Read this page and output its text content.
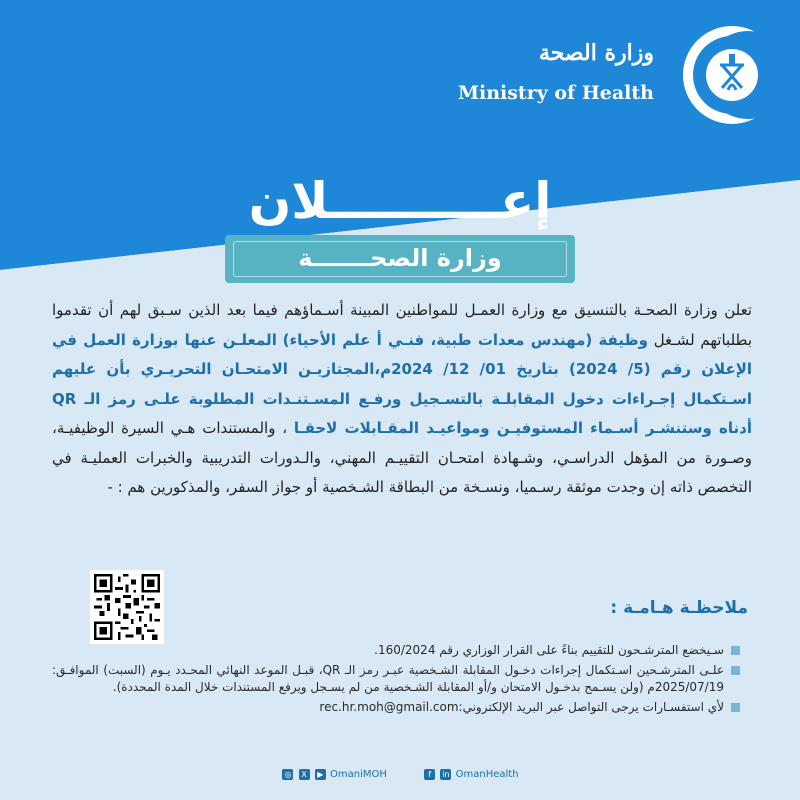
وزارة الصحة
Ministry of Health
إعــــــــــلان
وزارة الصحـــــــة
تعلن وزارة الصحـة بالتنسيق مع وزارة العمـل للمواطنين المبينة أسـماؤهم فيما بعد الذين سـبق لهم أن تقدموا بطلباتهم لشـغل وظيفة (مهندس معدات طبية، فنـي أ علم الأحياء) المعلـن عنها بوزارة العمل في الإعلان رقم (5/ 2024) بتاريخ 01/ 12/ 2024م،المجتازيـن الامتحـان التحريـري بأن عليهم اسـتكمال إجـراءات دخول المقابلـة بالتسـجيل ورفـع المسـتنـدات المطلوبة علـى رمز الـ QR أدناه وستنشـر أسـماء المستوفيـن ومواعيـد المقـابلات لاحقـا ، والمستندات هـي السيرة الوظيفيـة، وصـورة من المؤهل الدراسـي، وشـهادة امتحـان التقييـم المهني، والـدورات التدريبية والخبرات العمليـة في التخصص ذاته إن وجدت موثقة رسـميا، ونسـخة من البطاقة الشـخصية أو جواز السفر، والمذكورين هم : -
ملاحظـة هـامـة :
سـيخضع المترشـحون للتقييم بناءً على القرار الوزاري رقم 160/2024.
علـى المترشـحين اسـتكمال إجراءات دخـول المقابلة الشـخصية عبـر رمز الـ QR، قبـل الموعد النهائي المحـدد يـوم (السبت) الموافـق: 2025/07/19م (ولن يسـمح بدخـول الامتحان و/أو المقابلة الشـخصية من لم يسـجل ويرفع المستندات خلال المدة المحددة).
لأي استفسـارات يرجى التواصل عبر البريد الإلكتروني:rec.hr.moh@gmail.com
◎ X ▶ OmaniMOH	f in OmanHealth
